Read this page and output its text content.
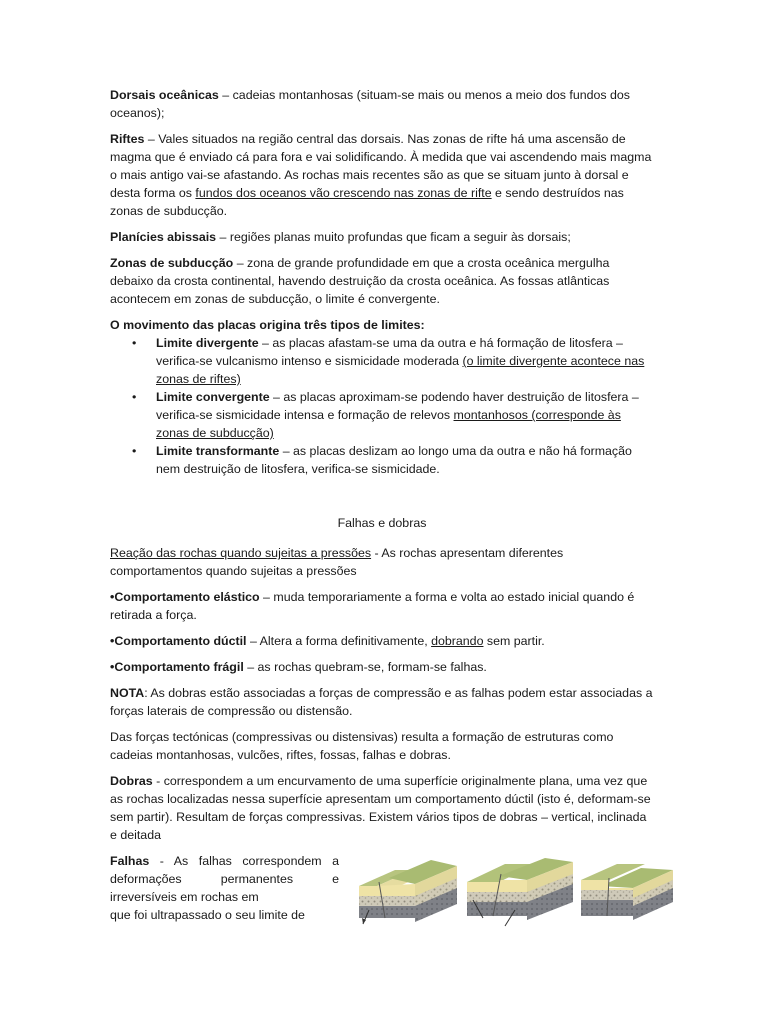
Dorsais oceânicas – cadeias montanhosas (situam-se mais ou menos a meio dos fundos dos oceanos);

Riftes – Vales situados na região central das dorsais. Nas zonas de rifte há uma ascensão de magma que é enviado cá para fora e vai solidificando. À medida que vai ascendendo mais magma o mais antigo vai-se afastando. As rochas mais recentes são as que se situam junto à dorsal e desta forma os fundos dos oceanos vão crescendo nas zonas de rifte e sendo destruídos nas zonas de subducção.

Planícies abissais – regiões planas muito profundas que ficam a seguir às dorsais;

Zonas de subducção – zona de grande profundidade em que a crosta oceânica mergulha debaixo da crosta continental, havendo destruição da crosta oceânica. As fossas atlânticas acontecem em zonas de subducção, o limite é convergente.

O movimento das placas origina três tipos de limites:

• Limite divergente – as placas afastam-se uma da outra e há formação de litosfera – verifica-se vulcanismo intenso e sismicidade moderada (o limite divergente acontece nas zonas de riftes)
• Limite convergente – as placas aproximam-se podendo haver destruição de litosfera – verifica-se sismicidade intensa e formação de relevos montanhosos (corresponde às zonas de subducção)
• Limite transformante – as placas deslizam ao longo uma da outra e não há formação nem destruição de litosfera, verifica-se sismicidade.

Falhas e dobras

Reação das rochas quando sujeitas a pressões - As rochas apresentam diferentes comportamentos quando sujeitas a pressões

•Comportamento elástico – muda temporariamente a forma e volta ao estado inicial quando é retirada a força.

•Comportamento dúctil – Altera a forma definitivamente, dobrando sem partir.

•Comportamento frágil – as rochas quebram-se, formam-se falhas.

NOTA: As dobras estão associadas a forças de compressão e as falhas podem estar associadas a forças laterais de compressão ou distensão.

Das forças tectónicas (compressivas ou distensivas) resulta a formação de estruturas como cadeias montanhosas, vulcões, riftes, fossas, falhas e dobras.

Dobras - correspondem a um encurvamento de uma superfície originalmente plana, uma vez que as rochas localizadas nessa superfície apresentam um comportamento dúctil (isto é, deformam-se sem partir). Resultam de forças compressivas. Existem vários tipos de dobras – vertical, inclinada e deitada

Falhas - As falhas correspondem a deformações permanentes e
irreversíveis em rochas em
que foi ultrapassado o seu limite de
